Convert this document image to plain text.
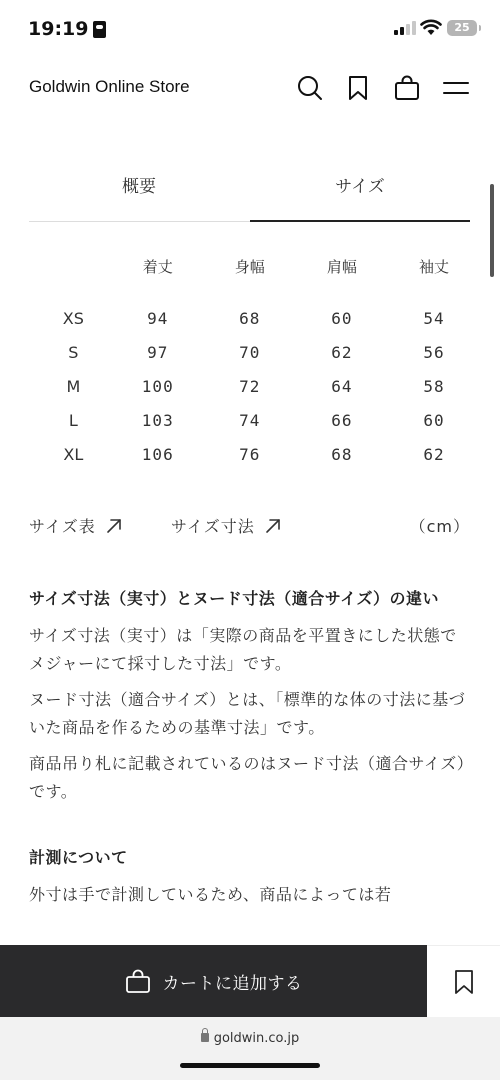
19:19	25
Goldwin Online Store
概要	サイズ
	着丈	身幅	肩幅	袖丈
XS	94	68	60	54
S	97	70	62	56
M	100	72	64	58
L	103	74	66	60
XL	106	76	68	62
サイズ表	サイズ寸法	（cm）
サイズ寸法（実寸）とヌード寸法（適合サイズ）の違い

サイズ寸法（実寸）は「実際の商品を平置きにした状態でメジャーにて採寸した寸法」です。

ヌード寸法（適合サイズ）とは、「標準的な体の寸法に基づいた商品を作るための基準寸法」です。

商品吊り札に記載されているのはヌード寸法（適合サイズ）です。

計測について

外寸は手で計測しているため、商品によっては若

カートに追加する
goldwin.co.jp
